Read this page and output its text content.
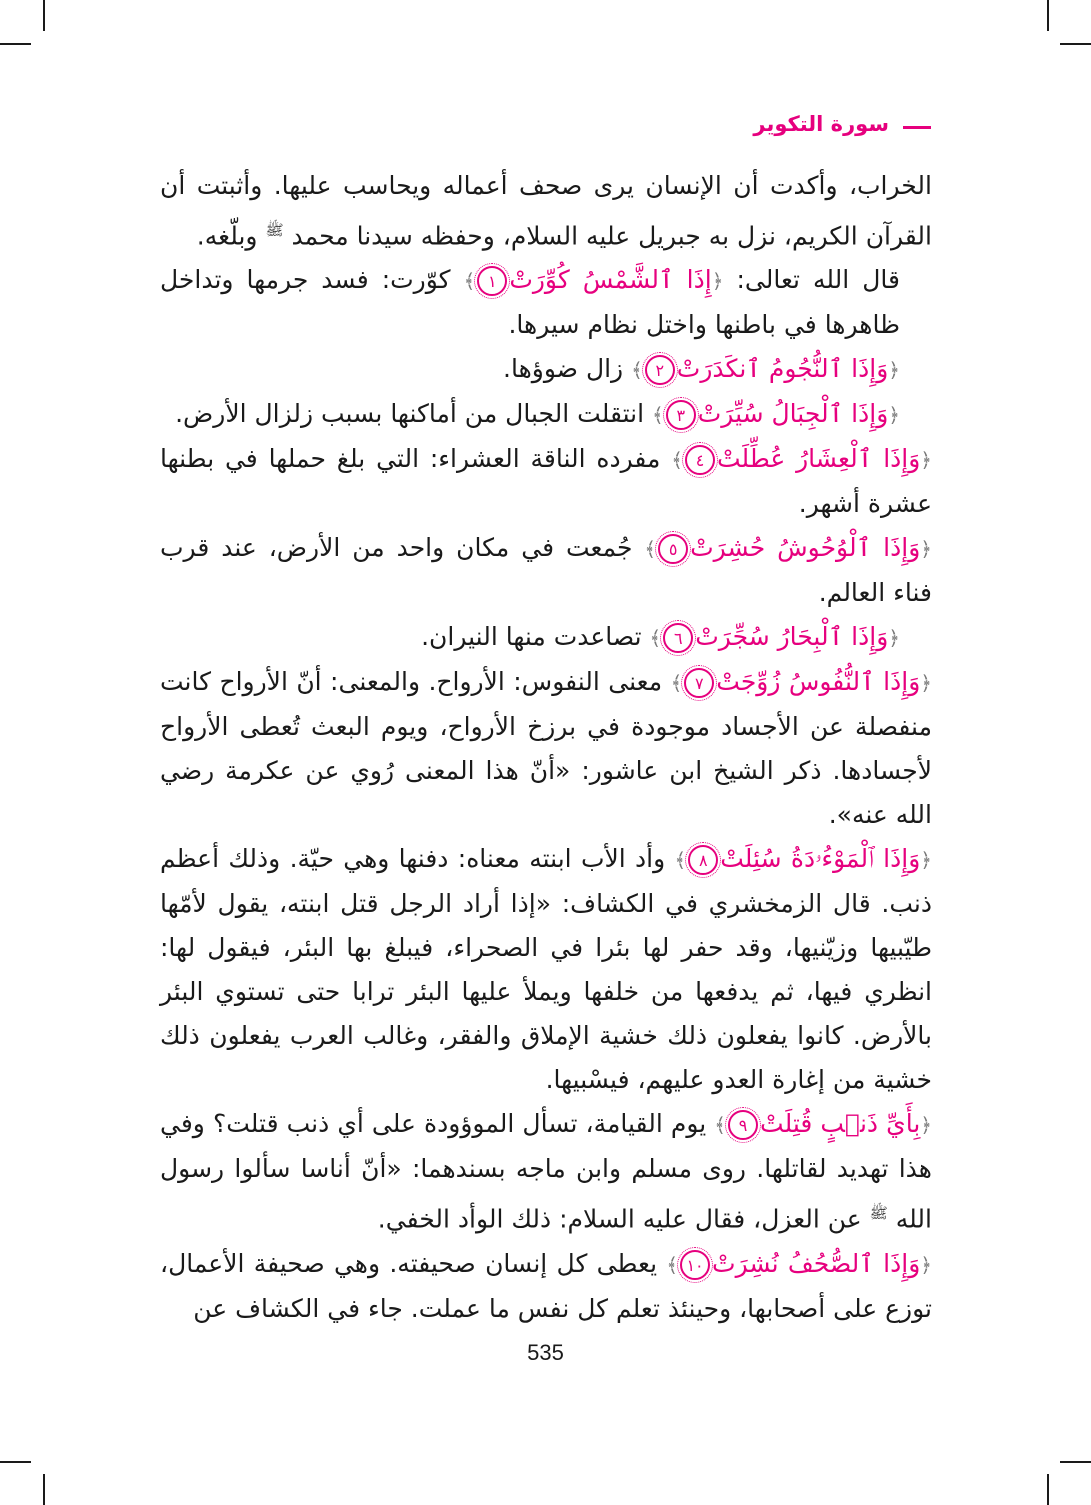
سورة التكوير

الخراب، وأكدت أن الإنسان يرى صحف أعماله ويحاسب عليها. وأثبتت أن القرآن الكريم، نزل به جبريل عليه السلام، وحفظه سيدنا محمد $^ﷺ$ وبلّغه.

قال الله تعالى: ﴿إِذَا ٱلشَّمْسُ كُوِّرَتْ١﴾ كوّرت: فسد جرمها وتداخل ظاهرها في باطنها واختل نظام سيرها.

﴿وَإِذَا ٱلنُّجُومُ ٱنكَدَرَتْ٢﴾ زال ضوؤها.

﴿وَإِذَا ٱلْجِبَالُ سُيِّرَتْ٣﴾ انتقلت الجبال من أماكنها بسبب زلزال الأرض.

﴿وَإِذَا ٱلْعِشَارُ عُطِّلَتْ٤﴾ مفرده الناقة العشراء: التي بلغ حملها في بطنها عشرة أشهر.

﴿وَإِذَا ٱلْوُحُوشُ حُشِرَتْ٥﴾ جُمعت في مكان واحد من الأرض، عند قرب فناء العالم.

﴿وَإِذَا ٱلْبِحَارُ سُجِّرَتْ٦﴾ تصاعدت منها النيران.

﴿وَإِذَا ٱلنُّفُوسُ زُوِّجَتْ٧﴾ معنى النفوس: الأرواح. والمعنى: أنّ الأرواح كانت منفصلة عن الأجساد موجودة في برزخ الأرواح، ويوم البعث تُعطى الأرواح لأجسادها. ذكر الشيخ ابن عاشور: «أنّ هذا المعنى رُوي عن عكرمة رضي الله عنه».

﴿وَإِذَا ٱلْمَوْءُۥدَةُ سُئِلَتْ٨﴾ وأد الأب ابنته معناه: دفنها وهي حيّة. وذلك أعظم ذنب. قال الزمخشري في الكشاف: «إذا أراد الرجل قتل ابنته، يقول لأمّها طيّبيها وزيّنيها، وقد حفر لها بئرا في الصحراء، فيبلغ بها البئر، فيقول لها: انظري فيها، ثم يدفعها من خلفها ويملأ عليها البئر ترابا حتى تستوي البئر بالأرض. كانوا يفعلون ذلك خشية الإملاق والفقر، وغالب العرب يفعلون ذلك خشية من إغارة العدو عليهم، فيسْبيها.

﴿بِأَيِّ ذَنۢبٍ قُتِلَتْ٩﴾ يوم القيامة، تسأل الموؤودة على أي ذنب قتلت؟ وفي هذا تهديد لقاتلها. روى مسلم وابن ماجه بسندهما: «أنّ أناسا سألوا رسول الله $^ﷺ$ عن العزل، فقال عليه السلام: ذلك الوأد الخفي.

﴿وَإِذَا ٱلصُّحُفُ نُشِرَتْ١٠﴾ يعطى كل إنسان صحيفته. وهي صحيفة الأعمال، توزع على أصحابها، وحينئذ تعلم كل نفس ما عملت. جاء في الكشاف عن

535
